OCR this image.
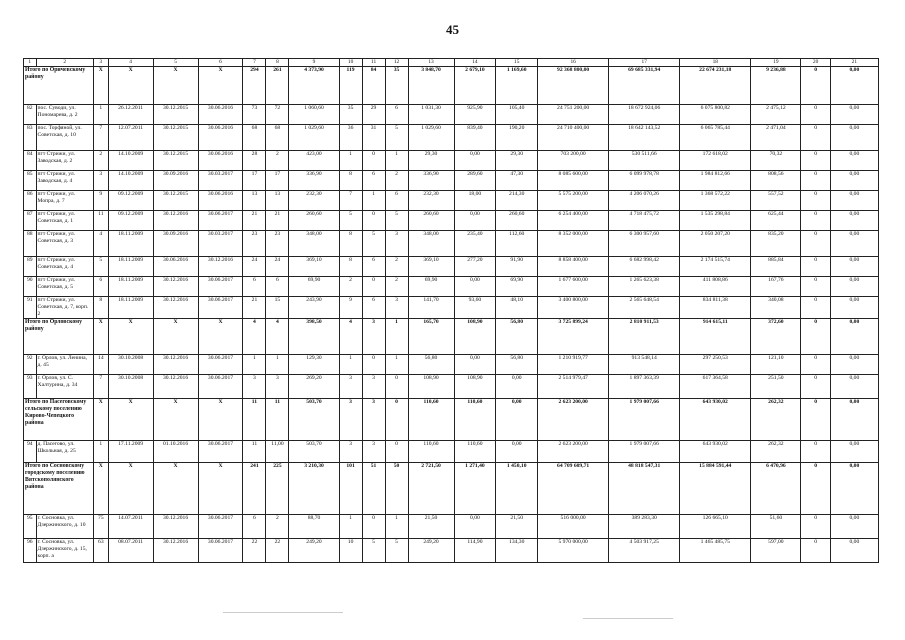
45
1	2	3	4	5	6	7	8	9	10	11	12	13	14	15	16	17	18	19	20	21
Итого по Оричевскому району		X	X	X	X	294	261	4 373,90	119	84	35	3 848,70	2 679,10	1 169,60	92 368 800,00	69 685 331,94	22 674 231,18	9 236,88	0	0,00
82	пос. Суводи, ул. Пономарева, д. 2	1	26.12.2011	30.12.2015	30.06.2016	73	72	1 060,60	35	29	6	1 031,30	925,90	105,40	24 751 200,00	18 672 924,06	6 075 800,82	2 475,12	0	0,00
83	пос. Торфяной, ул. Советская, д. 10	7	12.07.2011	30.12.2015	30.06.2016	68	68	1 029,60	36	31	5	1 029,60	839,40	190,20	24 710 400,00	18 642 143,52	6 065 785,44	2 471,04	0	0,00
84	пгт Стрижи, ул. Заводская, д. 2	2	14.10.2009	30.12.2015	30.06.2016	28	2	423,00	1	0	1	29,30	0,00	29,30	703 200,00	530 511,66	172 618,02	70,32	0	0,00
85	пгт Стрижи, ул. Заводская, д. 4	3	14.10.2009	30.09.2016	30.03.2017	17	17	336,90	8	6	2	336,90	289,60	47,30	8 085 600,00	6 099 978,78	1 984 812,66	808,56	0	0,00
86	пгт Стрижи, ул. Мопра, д. 7	9	09.12.2009	30.12.2015	30.06.2016	13	13	232,30	7	1	6	232,30	18,00	214,30	5 575 200,00	4 206 070,26	1 368 572,22	557,52	0	0,00
87	пгт Стрижи, ул. Советская, д. 1	11	09.12.2009	30.12.2016	30.06.2017	21	21	260,60	5	0	5	260,60	0,00	260,60	6 254 400,00	4 718 475,72	1 535 298,84	625,44	0	0,00
88	пгт Стрижи, ул. Советская, д. 3	4	18.11.2009	30.09.2016	30.03.2017	23	23	348,00	8	5	3	348,00	235,40	112,60	8 352 000,00	6 300 957,60	2 050 207,20	835,20	0	0,00
89	пгт Стрижи, ул. Советская, д. 4	5	18.11.2009	30.06.2016	30.12.2016	24	24	369,10	8	6	2	369,10	277,20	91,90	8 858 400,00	6 682 998,42	2 174 515,74	885,84	0	0,00
90	пгт Стрижи, ул. Советская, д. 5	6	18.11.2009	30.12.2016	30.06.2017	6	6	69,90	2	0	2	69,90	0,00	69,90	1 677 600,00	1 265 623,38	411 808,86	167,76	0	0,00
91	пгт Стрижи, ул. Советская, д. 7, корп. 2	8	18.11.2009	30.12.2016	30.06.2017	21	15	243,90	9	6	3	141,70	93,60	48,10	3 400 800,00	2 565 648,54	834 811,38	340,08	0	0,00
Итого по Орловскому району		X	X	X	X	4	4	398,50	4	3	1	165,70	108,90	56,80	3 725 899,24	2 810 911,53	914 615,11	372,60	0	0,00
92	г. Орлов, ул. Ленина, д. 45	14	30.10.2008	30.12.2016	30.06.2017	1	1	129,30	1	0	1	56,80	0,00	56,80	1 210 919,77	913 548,14	297 250,53	121,10	0	0,00
93	г. Орлов, ул. С. Халтурина, д. 34	7	30.10.2008	30.12.2016	30.06.2017	3	3	269,20	3	3	0	108,90	108,90	0,00	2 514 979,47	1 897 363,39	617 364,58	251,50	0	0,00
Итого по Пасеговскому сельскому поселению Кирово-Чепецкого района		X	X	X	X	11	11	503,70	3	3	0	110,60	110,60	0,00	2 623 200,00	1 979 007,66	643 930,02	262,32	0	0,00
94	д. Пасегово, ул. Школьная, д. 25	1	17.11.2009	01.10.2016	30.06.2017	11	11,00	503,70	3	3	0	110,60	110,60	0,00	2 623 200,00	1 979 007,66	643 930,02	262,32	0	0,00
Итого по Сосновскому городскому поселению Вятскополянского района		X	X	X	X	241	225	3 210,30	101	51	50	2 721,50	1 271,40	1 450,10	64 709 609,71	48 818 547,31	15 884 591,44	6 470,96	0	0,00
95	г. Сосновка, ул. Дзержинского, д. 10	75	14.07.2011	30.12.2016	30.06.2017	6	2	88,70	1	0	1	21,50	0,00	21,50	516 000,00	389 283,30	126 665,10	51,60	0	0,00
96	г. Сосновка, ул. Дзержинского, д. 15, корп. а	63	08.07.2011	30.12.2016	30.06.2017	22	22	249,20	10	5	5	249,20	114,90	134,30	5 970 000,00	4 503 917,25	1 465 485,75	597,00	0	0,00
